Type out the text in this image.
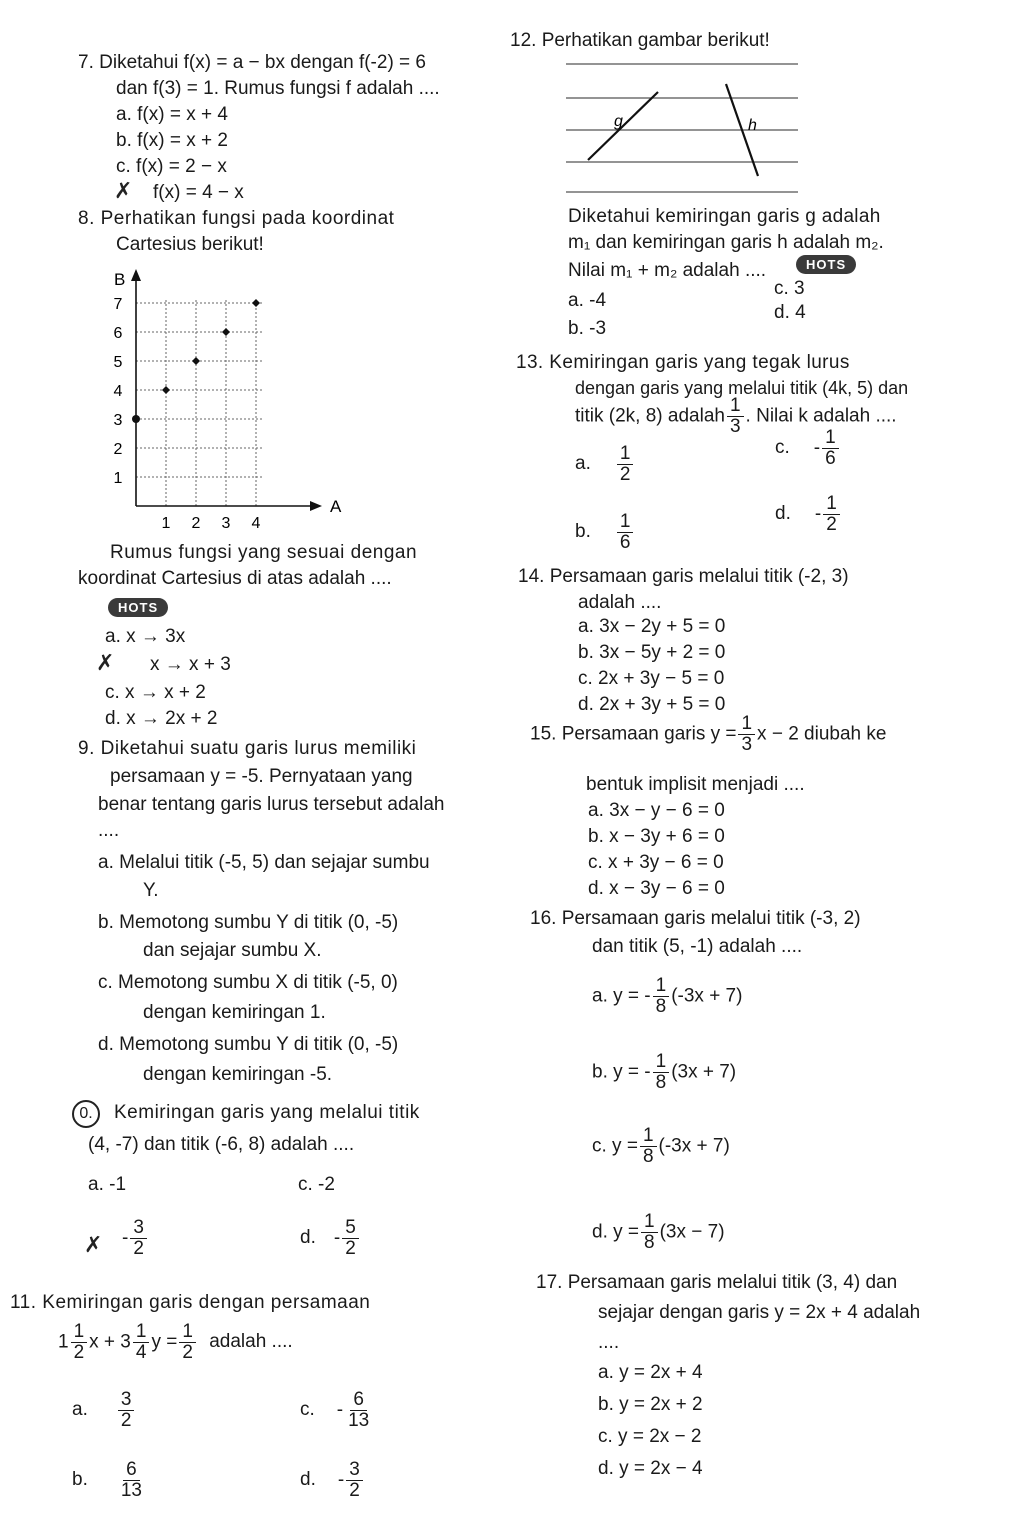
7. Diketahui f(x) = a − bx dengan f(-2) = 6
dan f(3) = 1. Rumus fungsi f adalah ....
a. f(x) = x + 4
b. f(x) = x + 2
c. f(x) = 2 − x
✗ f(x) = 4 − x
8. Perhatikan fungsi pada koordinat
Cartesius berikut!
A
B
1 2 3 4
1
2
3
4
5
6
7
Rumus fungsi yang sesuai dengan
koordinat Cartesius di atas adalah ....
HOTS
a. x → 3x
✗ x → x + 3
c. x → x + 2
d. x → 2x + 2
9. Diketahui suatu garis lurus memiliki
persamaan y = -5. Pernyataan yang
benar tentang garis lurus tersebut adalah
....
a. Melalui titik (-5, 5) dan sejajar sumbu
Y.
b. Memotong sumbu Y di titik (0, -5)
dan sejajar sumbu X.
c. Memotong sumbu X di titik (-5, 0)
dengan kemiringan 1.
d. Memotong sumbu Y di titik (0, -5)
dengan kemiringan -5.
0.	Kemiringan garis yang melalui titik
(4, -7) dan titik (-6, 8) adalah ....
a. -1	c. -2
✗ - $\frac{3}{2}$	d. - $\frac{5}{2}$
11. Kemiringan garis dengan persamaan
$1 \frac{1}{2}$ $x + 3 \frac{1}{4}$ $y = \frac{1}{2}$ adalah ....
a. $\frac{3}{2}$	c. - $\frac{6}{13}$
b. $\frac{6}{13}$	d. - $\frac{3}{2}$
12. Perhatikan gambar berikut!
g	h
Diketahui kemiringan garis g adalah
m₁ dan kemiringan garis h adalah m₂.
Nilai m₁ + m₂ adalah ....	HOTS
c. 3
a. -4
d. 4
b. -3
13. Kemiringan garis yang tegak lurus
dengan garis yang melalui titik (4k, 5) dan
titik (2k, 8) adalah $\frac{1}{3}$ . Nilai k adalah ....
a. $\frac{1}{2}$	c. - $\frac{1}{6}$
b. $\frac{1}{6}$	d. - $\frac{1}{2}$
14. Persamaan garis melalui titik (-2, 3)
adalah ....
a. 3x − 2y + 5 = 0
b. 3x − 5y + 2 = 0
c. 2x + 3y − 5 = 0
d. 2x + 3y + 5 = 0
15. Persamaan garis $y = \frac{1}{3}$ x − 2 diubah ke
bentuk implisit menjadi ....
a. 3x − y − 6 = 0
b. x − 3y + 6 = 0
c. x + 3y − 6 = 0
d. x − 3y − 6 = 0
16. Persamaan garis melalui titik (-3, 2)
dan titik (5, -1) adalah ....
a. y = - $\frac{1}{8} (-3x + 7)$
b. y = - $\frac{1}{8} (3x + 7)$
c. $y = \frac{1}{8} (-3x + 7)$
d. $y = \frac{1}{8} (3x - 7)$
17. Persamaan garis melalui titik (3, 4) dan
sejajar dengan garis y = 2x + 4 adalah
....
a. y = 2x + 4
b. y = 2x + 2
c. y = 2x − 2
d. y = 2x − 4
